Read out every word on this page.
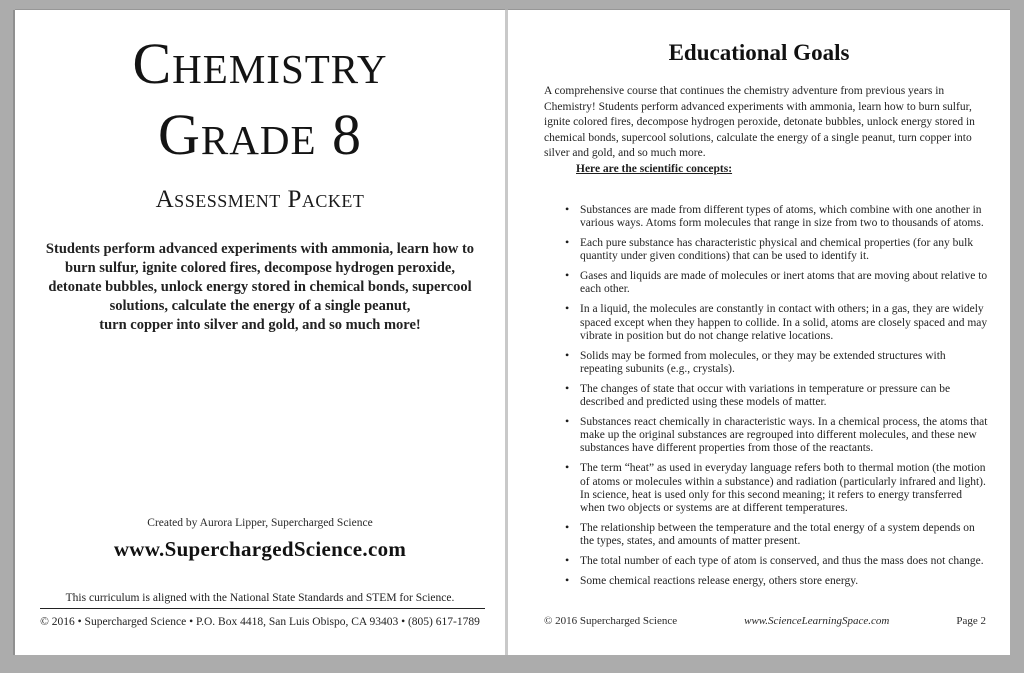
Chemistry
Grade 8
Assessment Packet

Students perform advanced experiments with ammonia, learn how to burn sulfur, ignite colored fires, decompose hydrogen peroxide, detonate bubbles, unlock energy stored in chemical bonds, supercool solutions, calculate the energy of a single peanut,
turn copper into silver and gold, and so much more!

Created by Aurora Lipper, Supercharged Science
www.SuperchargedScience.com
This curriculum is aligned with the National State Standards and STEM for Science.
© 2016 • Supercharged Science • P.O. Box 4418, San Luis Obispo, CA 93403 • (805) 617-1789
Educational Goals

A comprehensive course that continues the chemistry adventure from previous years in Chemistry! Students perform advanced experiments with ammonia, learn how to burn sulfur, ignite colored fires, decompose hydrogen peroxide, detonate bubbles, unlock energy stored in chemical bonds, supercool solutions, calculate the energy of a single peanut, turn copper into silver and gold, and so much more.

Here are the scientific concepts:
• Substances are made from different types of atoms, which combine with one another in various ways. Atoms form molecules that range in size from two to thousands of atoms.
• Each pure substance has characteristic physical and chemical properties (for any bulk quantity under given conditions) that can be used to identify it.
• Gases and liquids are made of molecules or inert atoms that are moving about relative to each other.
• In a liquid, the molecules are constantly in contact with others; in a gas, they are widely spaced except when they happen to collide. In a solid, atoms are closely spaced and may vibrate in position but do not change relative locations.
• Solids may be formed from molecules, or they may be extended structures with repeating subunits (e.g., crystals).
• The changes of state that occur with variations in temperature or pressure can be described and predicted using these models of matter.
• Substances react chemically in characteristic ways. In a chemical process, the atoms that make up the original substances are regrouped into different molecules, and these new substances have different properties from those of the reactants.
• The term “heat” as used in everyday language refers both to thermal motion (the motion of atoms or molecules within a substance) and radiation (particularly infrared and light). In science, heat is used only for this second meaning; it refers to energy transferred when two objects or systems are at different temperatures.
• The relationship between the temperature and the total energy of a system depends on the types, states, and amounts of matter present.
• The total number of each type of atom is conserved, and thus the mass does not change.
• Some chemical reactions release energy, others store energy.
© 2016 Supercharged Science	www.ScienceLearningSpace.com	Page 2
